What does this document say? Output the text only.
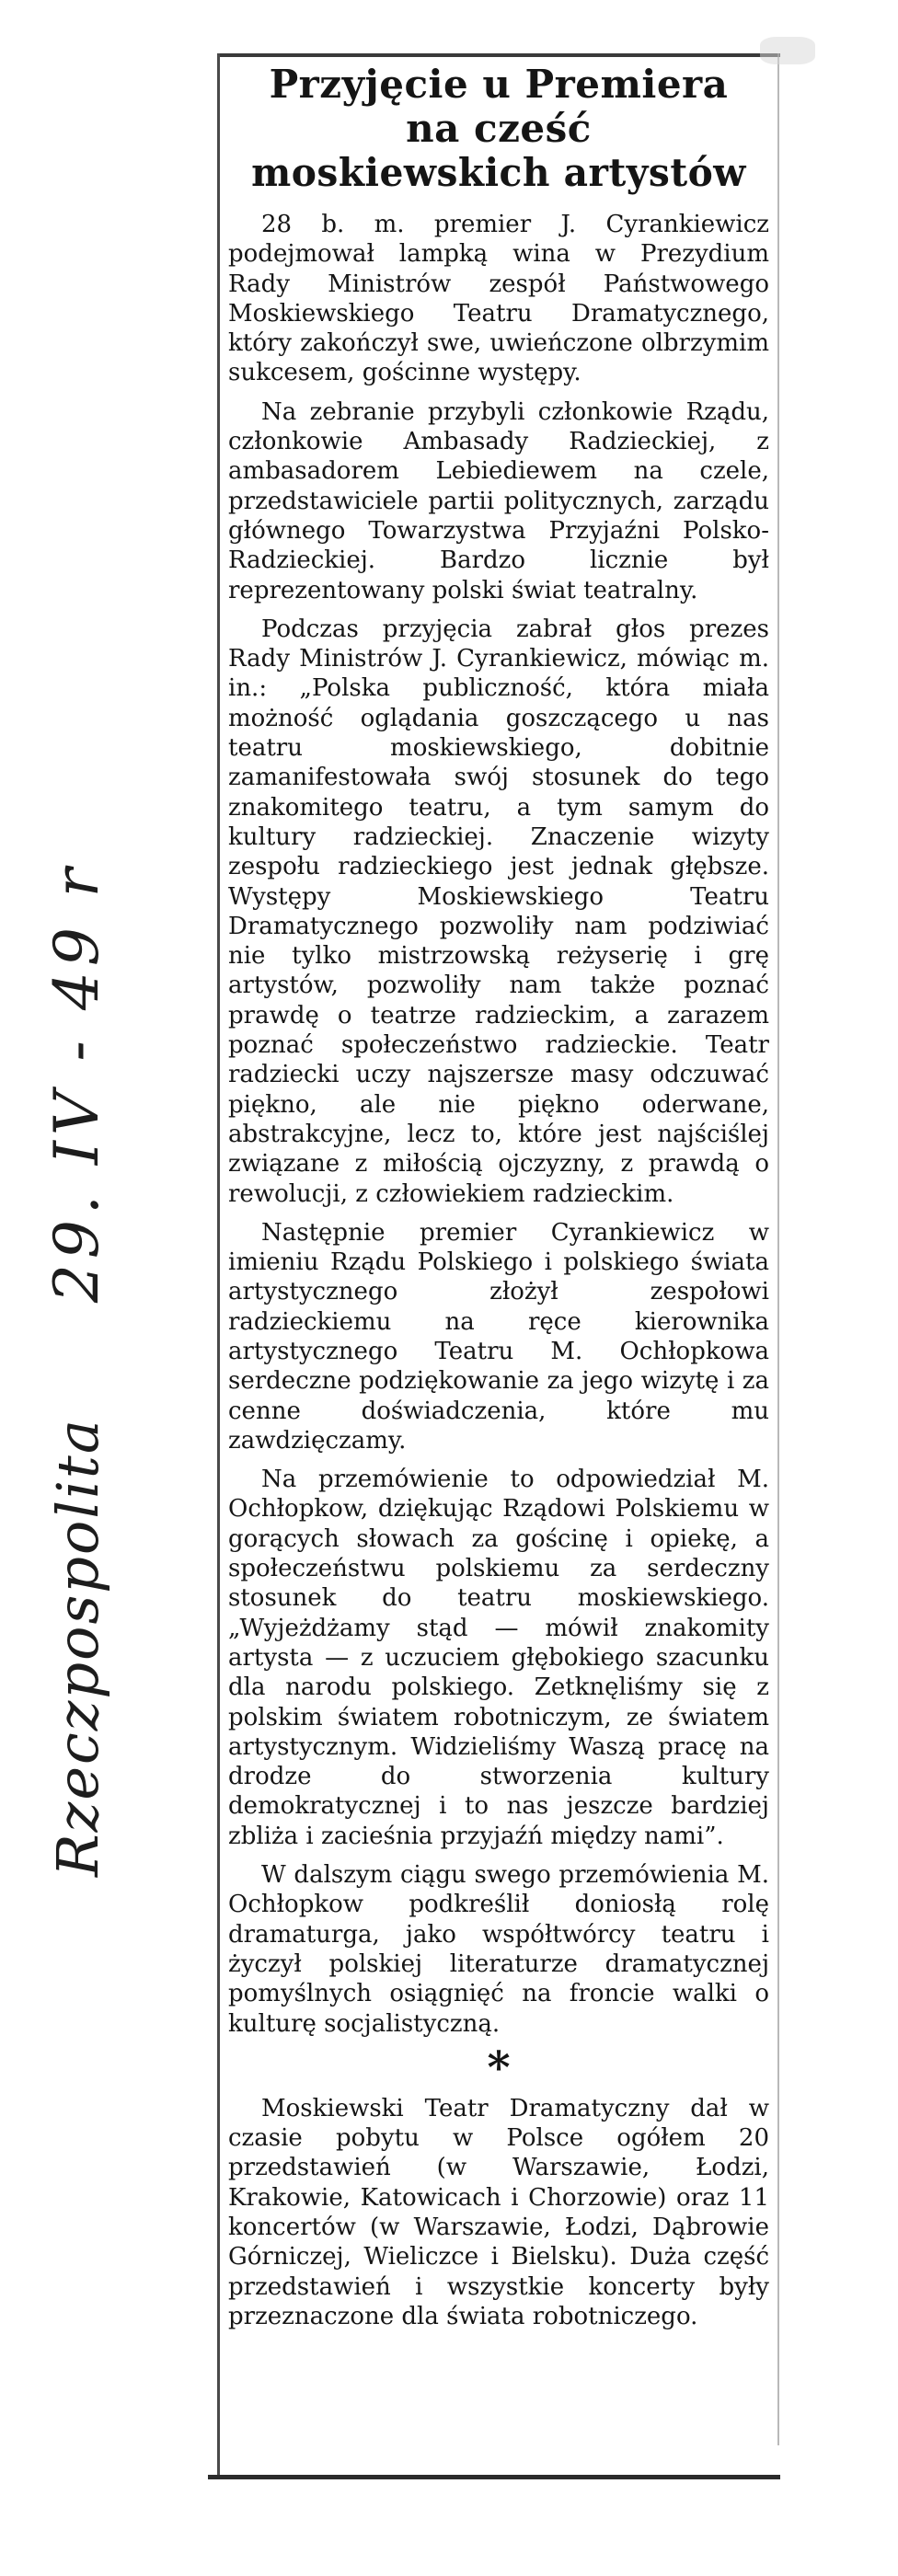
Przyjęcie u Premiera
na cześć
moskiewskich artystów

28 b. m. premier J. Cyrankiewicz podejmował lampką wina w Prezydium Rady Ministrów zespół Państwowego Moskiewskiego Teatru Dramatycznego, który zakończył swe, uwieńczone olbrzymim sukcesem, gościnne występy.

Na zebranie przybyli członkowie Rządu, członkowie Ambasady Radzieckiej, z ambasadorem Lebiediewem na czele, przedstawiciele partii politycznych, zarządu głównego Towarzystwa Przyjaźni Polsko-Radzieckiej. Bardzo licznie był reprezentowany polski świat teatralny.

Podczas przyjęcia zabrał głos prezes Rady Ministrów J. Cyrankiewicz, mówiąc m. in.: „Polska publiczność, która miała możność oglądania goszczącego u nas teatru moskiewskiego, dobitnie zamanifestowała swój stosunek do tego znakomitego teatru, a tym samym do kultury radzieckiej. Znaczenie wizyty zespołu radzieckiego jest jednak głębsze. Występy Moskiewskiego Teatru Dramatycznego pozwoliły nam podziwiać nie tylko mistrzowską reżyserię i grę artystów, pozwoliły nam także poznać prawdę o teatrze radzieckim, a zarazem poznać społeczeństwo radzieckie. Teatr radziecki uczy najszersze masy odczuwać piękno, ale nie piękno oderwane, abstrakcyjne, lecz to, które jest najściślej związane z miłością ojczyzny, z prawdą o rewolucji, z człowiekiem radzieckim.

Następnie premier Cyrankiewicz w imieniu Rządu Polskiego i polskiego świata artystycznego złożył zespołowi radzieckiemu na ręce kierownika artystycznego Teatru M. Ochłopkowa serdeczne podziękowanie za jego wizytę i za cenne doświadczenia, które mu zawdzięczamy.

Na przemówienie to odpowiedział M. Ochłopkow, dziękując Rządowi Polskiemu w gorących słowach za gościnę i opiekę, a społeczeństwu polskiemu za serdeczny stosunek do teatru moskiewskiego. „Wyjeżdżamy stąd — mówił znakomity artysta — z uczuciem głębokiego szacunku dla narodu polskiego. Zetknęliśmy się z polskim światem robotniczym, ze światem artystycznym. Widzieliśmy Waszą pracę na drodze do stworzenia kultury demokratycznej i to nas jeszcze bardziej zbliża i zacieśnia przyjaźń między nami”.

W dalszym ciągu swego przemówienia M. Ochłopkow podkreślił doniosłą rolę dramaturga, jako współtwórcy teatru i życzył polskiej literaturze dramatycznej pomyślnych osiągnięć na froncie walki o kulturę socjalistyczną.

*

Moskiewski Teatr Dramatyczny dał w czasie pobytu w Polsce ogółem 20 przedstawień (w Warszawie, Łodzi, Krakowie, Katowicach i Chorzowie) oraz 11 koncertów (w Warszawie, Łodzi, Dąbrowie Górniczej, Wieliczce i Bielsku). Duża część przedstawień i wszystkie koncerty były przeznaczone dla świata robotniczego.

Rzeczpospolita 29. IV - 49 r
